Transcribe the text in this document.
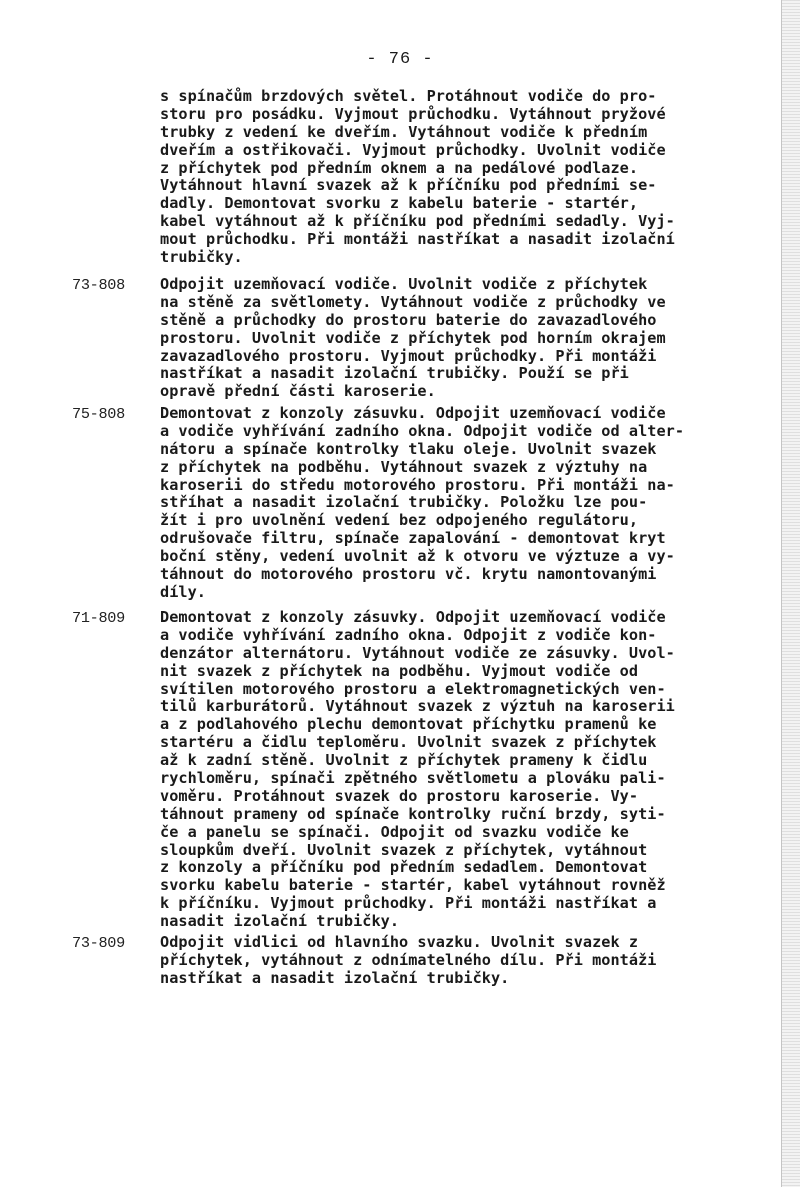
- 76 -
s spínačům brzdových světel. Protáhnout vodiče do pro-
storu pro posádku. Vyjmout průchodku. Vytáhnout pryžové
trubky z vedení ke dveřím. Vytáhnout vodiče k předním
dveřím a ostřikovači. Vyjmout průchodky. Uvolnit vodiče
z příchytek pod předním oknem a na pedálové podlaze.
Vytáhnout hlavní svazek až k příčníku pod předními se-
dadly. Demontovat svorku z kabelu baterie - startér,
kabel vytáhnout až k příčníku pod předními sedadly. Vyj-
mout průchodku. Při montáži nastříkat a nasadit izolační
trubičky.
73-808 Odpojit uzemňovací vodiče. Uvolnit vodiče z příchytek
na stěně za světlomety. Vytáhnout vodiče z průchodky ve
stěně a průchodky do prostoru baterie do zavazadlového
prostoru. Uvolnit vodiče z příchytek pod horním okrajem
zavazadlového prostoru. Vyjmout průchodky. Při montáži
nastříkat a nasadit izolační trubičky. Použí se při
opravě přední části karoserie.
75-808 Demontovat z konzoly zásuvku. Odpojit uzemňovací vodiče
a vodiče vyhřívání zadního okna. Odpojit vodiče od alter-
nátoru a spínače kontrolky tlaku oleje. Uvolnit svazek
z příchytek na podběhu. Vytáhnout svazek z výztuhy na
karoserii do středu motorového prostoru. Při montáži na-
stříhat a nasadit izolační trubičky. Položku lze pou-
žít i pro uvolnění vedení bez odpojeného regulátoru,
odrušovače filtru, spínače zapalování - demontovat kryt
boční stěny, vedení uvolnit až k otvoru ve výztuze a vy-
táhnout do motorového prostoru vč. krytu namontovanými
díly.
71-809 Demontovat z konzoly zásuvky. Odpojit uzemňovací vodiče
a vodiče vyhřívání zadního okna. Odpojit z vodiče kon-
denzátor alternátoru. Vytáhnout vodiče ze zásuvky. Uvol-
nit svazek z příchytek na podběhu. Vyjmout vodiče od
svítilen motorového prostoru a elektromagnetických ven-
tilů karburátorů. Vytáhnout svazek z výztuh na karoserii
a z podlahového plechu demontovat příchytku pramenů ke
startéru a čidlu teploměru. Uvolnit svazek z příchytek
až k zadní stěně. Uvolnit z příchytek prameny k čidlu
rychloměru, spínači zpětného světlometu a plováku pali-
voměru. Protáhnout svazek do prostoru karoserie. Vy-
táhnout prameny od spínače kontrolky ruční brzdy, syti-
če a panelu se spínači. Odpojit od svazku vodiče ke
sloupkům dveří. Uvolnit svazek z příchytek, vytáhnout
z konzoly a příčníku pod předním sedadlem. Demontovat
svorku kabelu baterie - startér, kabel vytáhnout rovněž
k příčníku. Vyjmout průchodky. Při montáži nastříkat a
nasadit izolační trubičky.
73-809 Odpojit vidlici od hlavního svazku. Uvolnit svazek z
příchytek, vytáhnout z odnímatelného dílu. Při montáži
nastříkat a nasadit izolační trubičky.
